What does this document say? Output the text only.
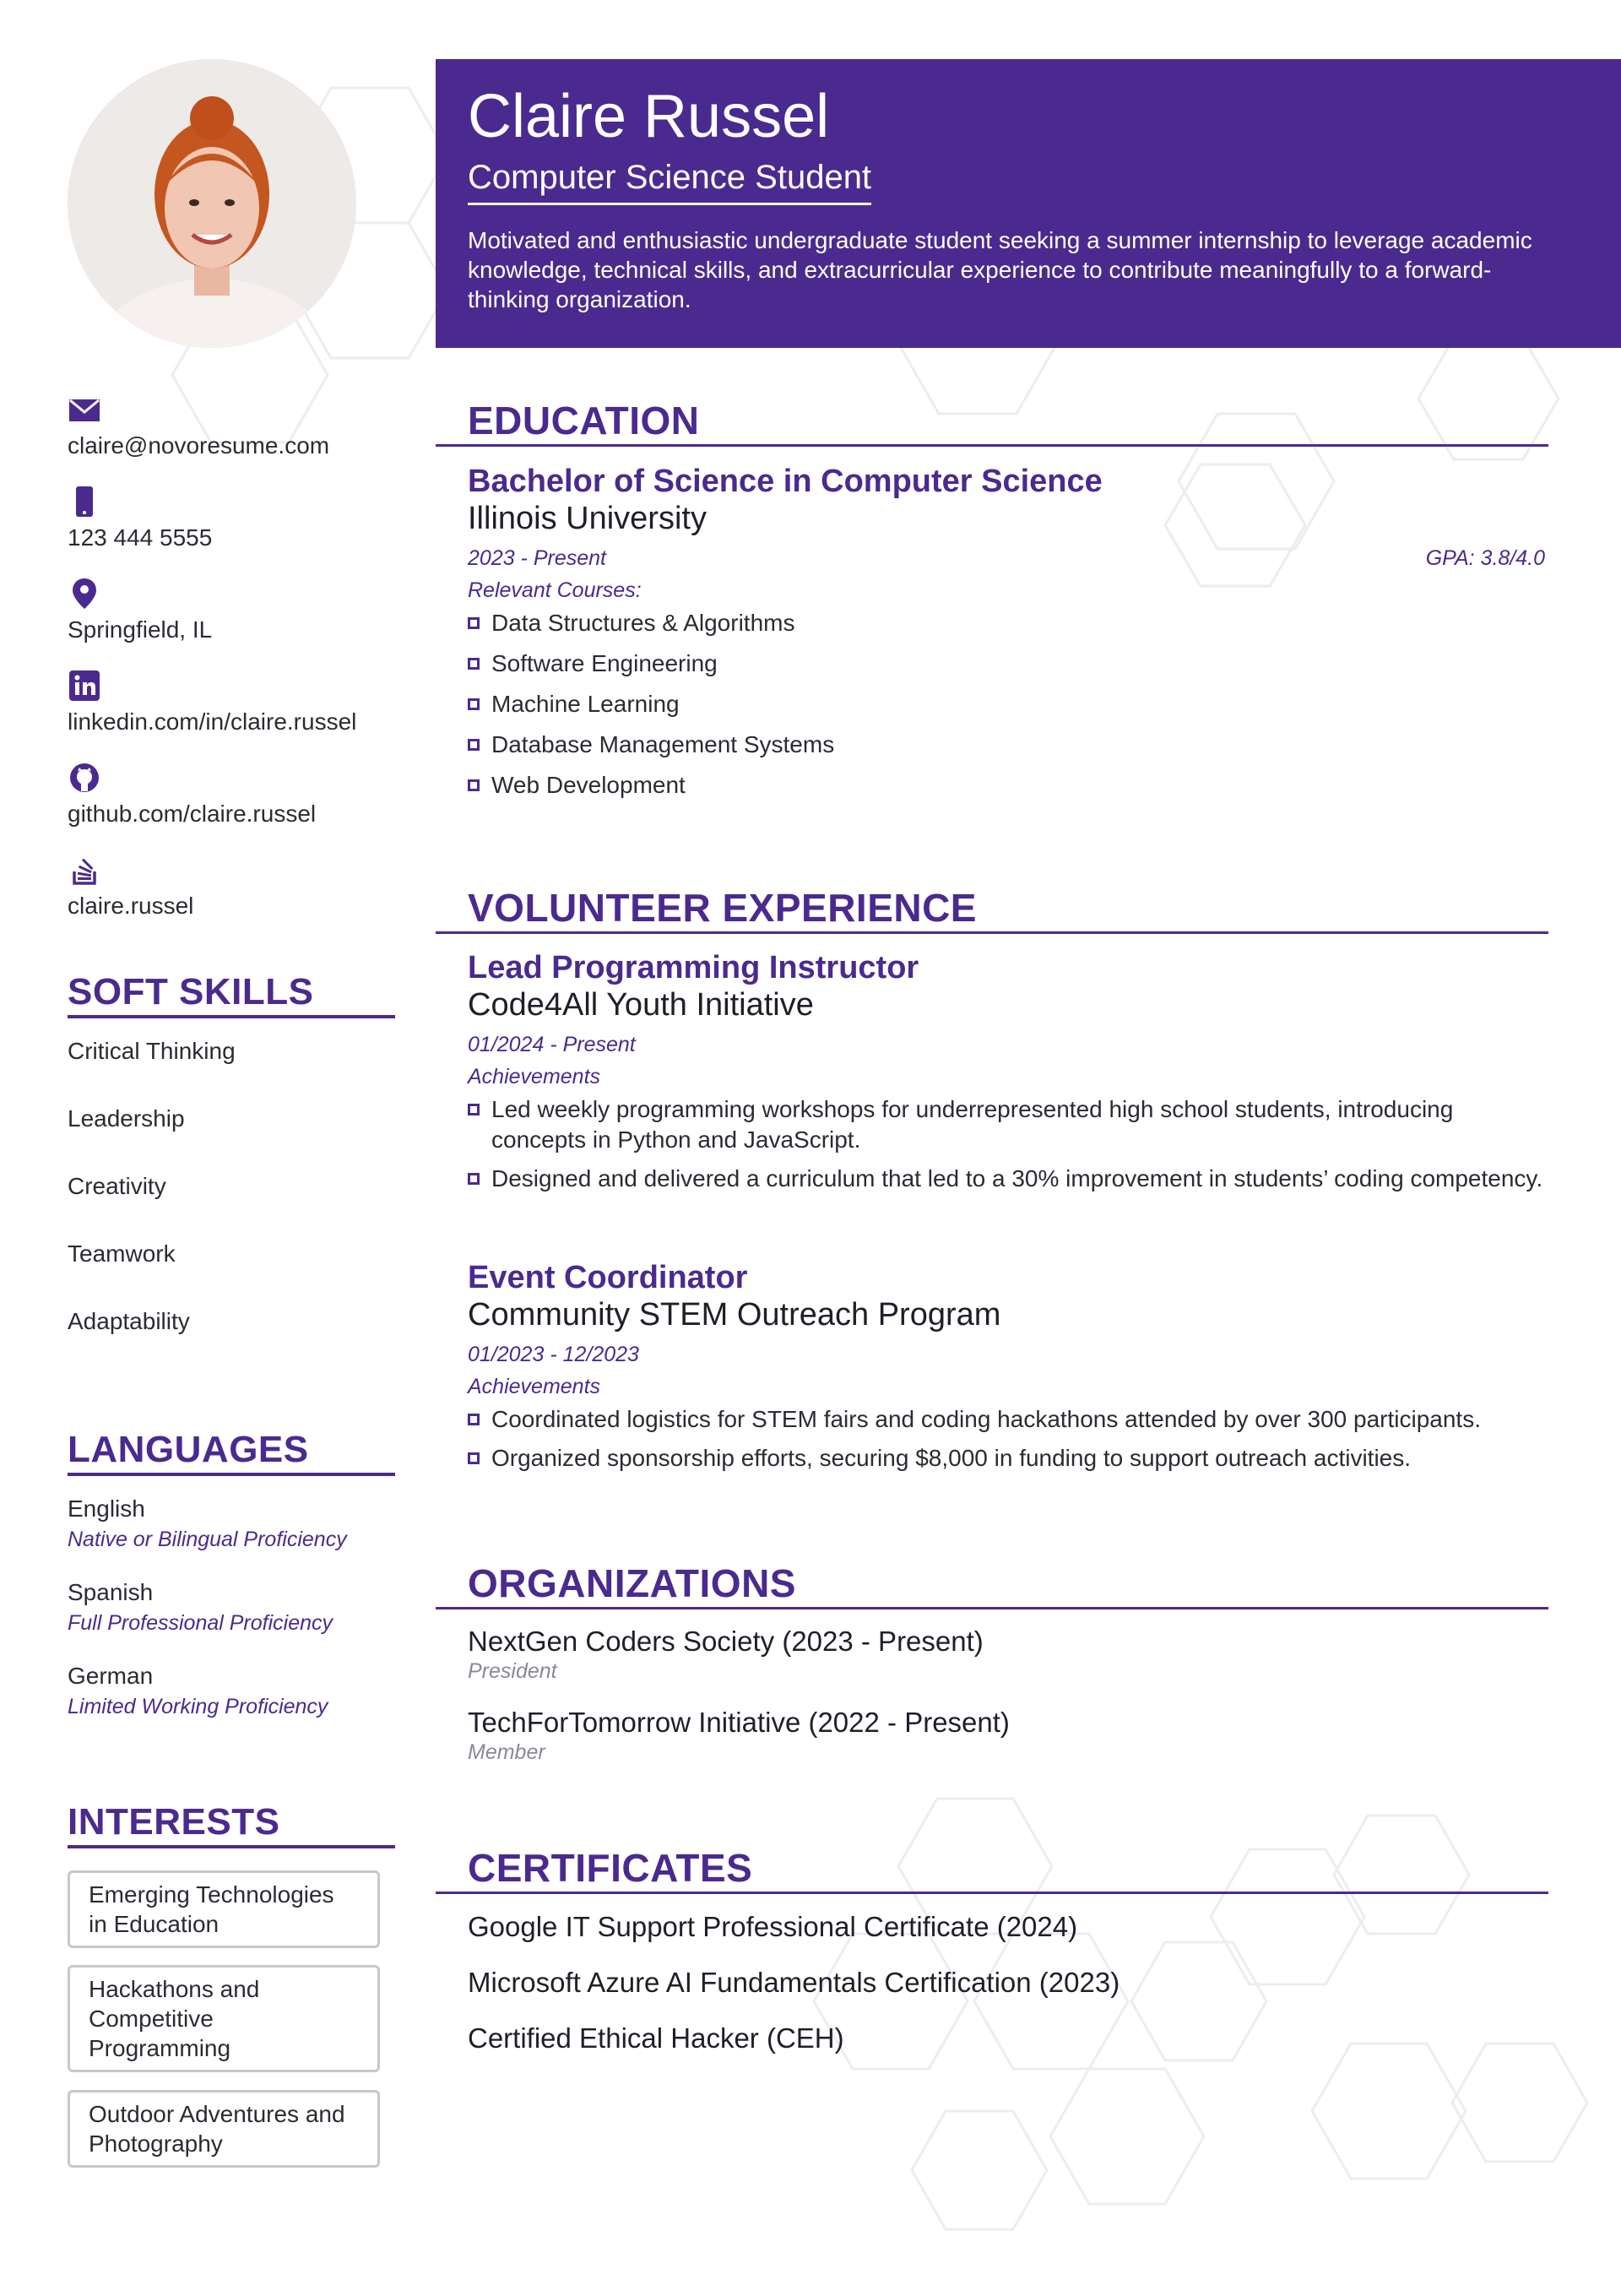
Claire Russel
Computer Science Student

Motivated and enthusiastic undergraduate student seeking a summer internship to leverage academic knowledge, technical skills, and extracurricular experience to contribute meaningfully to a forward-thinking organization.

claire@novoresume.com
123 444 5555
Springfield, IL
linkedin.com/in/claire.russel
github.com/claire.russel
claire.russel
SOFT SKILLS
Critical Thinking
Leadership
Creativity
Teamwork
Adaptability
LANGUAGES
English
Native or Bilingual Proficiency
Spanish
Full Professional Proficiency
German
Limited Working Proficiency
INTERESTS
Emerging Technologies in Education
Hackathons and Competitive Programming
Outdoor Adventures and Photography
EDUCATION
Bachelor of Science in Computer Science
Illinois University
2023 - Present	GPA: 3.8/4.0
Relevant Courses:
Data Structures & Algorithms
Software Engineering
Machine Learning
Database Management Systems
Web Development
VOLUNTEER EXPERIENCE
Lead Programming Instructor
Code4All Youth Initiative
01/2024 - Present
Achievements
Led weekly programming workshops for underrepresented high school students, introducing concepts in Python and JavaScript.
Designed and delivered a curriculum that led to a 30% improvement in students’ coding competency.
Event Coordinator
Community STEM Outreach Program
01/2023 - 12/2023
Achievements
Coordinated logistics for STEM fairs and coding hackathons attended by over 300 participants.
Organized sponsorship efforts, securing $8,000 in funding to support outreach activities.
ORGANIZATIONS
NextGen Coders Society (2023 - Present)
President
TechForTomorrow Initiative (2022 - Present)
Member
CERTIFICATES
Google IT Support Professional Certificate (2024)
Microsoft Azure AI Fundamentals Certification (2023)
Certified Ethical Hacker (CEH)
